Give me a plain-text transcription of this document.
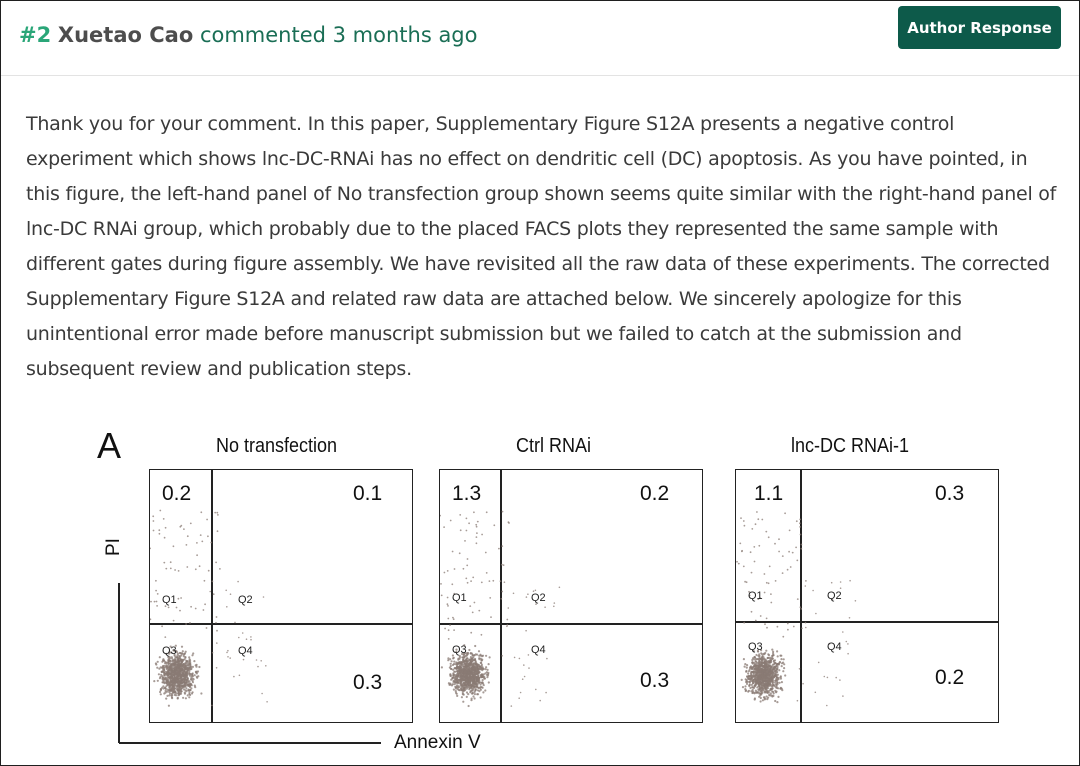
#2 Xuetao Cao commented 3 months ago	Author Response
Thank you for your comment. In this paper, Supplementary Figure S12A presents a negative control experiment which shows lnc-DC-RNAi has no effect on dendritic cell (DC) apoptosis. As you have pointed, in this figure, the left-hand panel of No transfection group shown seems quite similar with the right-hand panel of lnc-DC RNAi group, which probably due to the placed FACS plots they represented the same sample with different gates during figure assembly. We have revisited all the raw data of these experiments. The corrected Supplementary Figure S12A and related raw data are attached below. We sincerely apologize for this unintentional error made before manuscript submission but we failed to catch at the submission and subsequent review and publication steps.
A
PI
Annexin V
No transfection	Ctrl RNAi	lnc-DC RNAi-1
0.2	0.1
0.3
Q1	Q2
Q3	Q4
1.3	0.2
0.3
Q1	Q2
Q3	Q4
1.1	0.3
0.2
Q1	Q2
Q3	Q4
